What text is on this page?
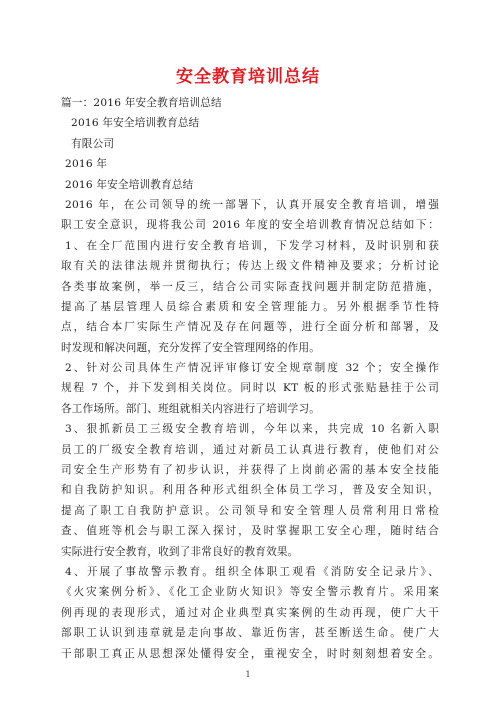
安全教育培训总结
篇一：2016 年安全教育培训总结
2016 年安全培训教育总结
有限公司
2016 年
2016 年安全培训教育总结
2016 年，在公司领导的统一部署下，认真开展安全教育培训，增强
职工安全意识，现将我公司 2016 年度的安全培训教育情况总结如下：
1、在全厂范围内进行安全教育培训，下发学习材料，及时识别和获
取有关的法律法规并贯彻执行；传达上级文件精神及要求；分析讨论
各类事故案例，举一反三，结合公司实际查找问题并制定防范措施，
提高了基层管理人员综合素质和安全管理能力。另外根据季节性特
点，结合本厂实际生产情况及存在问题等，进行全面分析和部署，及
时发现和解决问题，充分发挥了安全管理网络的作用。
2、针对公司具体生产情况评审修订安全规章制度 32 个；安全操作
规程 7 个，并下发到相关岗位。同时以 KT 板的形式张贴悬挂于公司
各工作场所。部门、班组就相关内容进行了培训学习。
3、狠抓新员工三级安全教育培训，今年以来，共完成 10 名新入职
员工的厂级安全教育培训，通过对新员工认真进行教育，使他们对公
司安全生产形势有了初步认识，并获得了上岗前必需的基本安全技能
和自我防护知识。利用各种形式组织全体员工学习，普及安全知识，
提高了职工自我防护意识。公司领导和安全管理人员常利用日常检
查、值班等机会与职工深入探讨，及时掌握职工安全心理，随时结合
实际进行安全教育，收到了非常良好的教育效果。
4、开展了事故警示教育。组织全体职工观看《消防安全记录片》、
《火灾案例分析》、《化工企业防火知识》等安全警示教育片。采用案
例再现的表现形式，通过对企业典型真实案例的生动再现，使广大干
部职工认识到违章就是走向事故、靠近伤害，甚至断送生命。使广大
干部职工真正从思想深处懂得安全，重视安全，时时刻刻想着安全。
1
